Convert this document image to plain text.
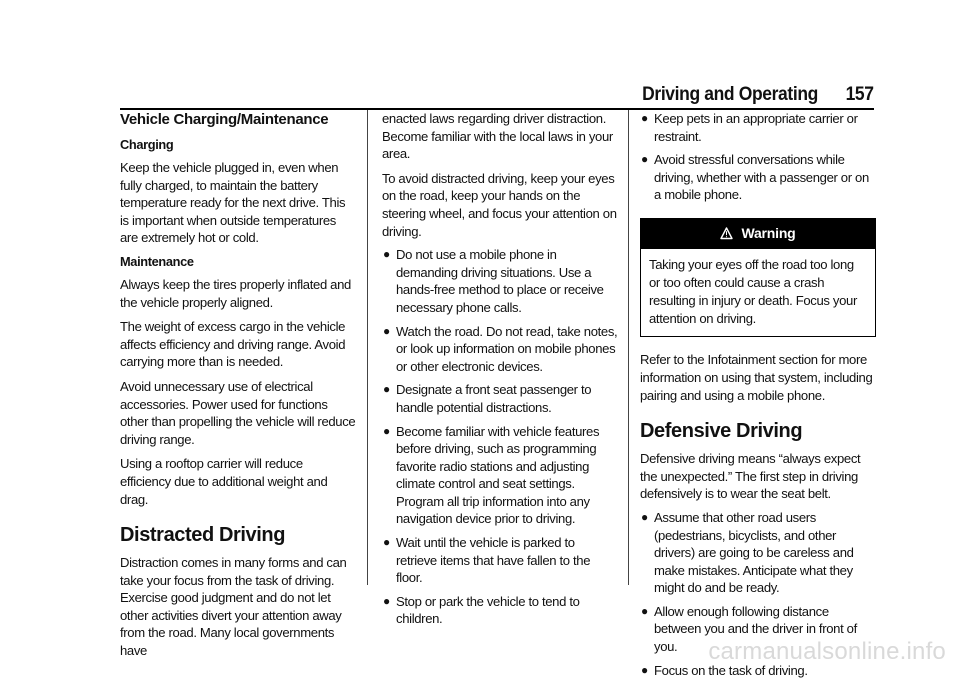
Driving and Operating 157
Vehicle Charging/Maintenance
Charging

Keep the vehicle plugged in, even when fully charged, to maintain the battery temperature ready for the next drive. This is important when outside temperatures are extremely hot or cold.

Maintenance

Always keep the tires properly inflated and the vehicle properly aligned.

The weight of excess cargo in the vehicle affects efficiency and driving range. Avoid carrying more than is needed.

Avoid unnecessary use of electrical accessories. Power used for functions other than propelling the vehicle will reduce driving range.

Using a rooftop carrier will reduce efficiency due to additional weight and drag.

Distracted Driving

Distraction comes in many forms and can take your focus from the task of driving. Exercise good judgment and do not let other activities divert your attention away from the road. Many local governments have

enacted laws regarding driver distraction. Become familiar with the local laws in your area.

To avoid distracted driving, keep your eyes on the road, keep your hands on the steering wheel, and focus your attention on driving.

● Do not use a mobile phone in demanding driving situations. Use a hands-free method to place or receive necessary phone calls.
● Watch the road. Do not read, take notes, or look up information on mobile phones or other electronic devices.
● Designate a front seat passenger to handle potential distractions.
● Become familiar with vehicle features before driving, such as programming favorite radio stations and adjusting climate control and seat settings. Program all trip information into any navigation device prior to driving.
● Wait until the vehicle is parked to retrieve items that have fallen to the floor.
● Stop or park the vehicle to tend to children.
● Keep pets in an appropriate carrier or restraint.
● Avoid stressful conversations while driving, whether with a passenger or on a mobile phone.
Warning
Taking your eyes off the road too long or too often could cause a crash resulting in injury or death. Focus your attention on driving.

Refer to the Infotainment section for more information on using that system, including pairing and using a mobile phone.

Defensive Driving

Defensive driving means “always expect the unexpected.” The first step in driving defensively is to wear the seat belt.

● Assume that other road users (pedestrians, bicyclists, and other drivers) are going to be careless and make mistakes. Anticipate what they might do and be ready.
● Allow enough following distance between you and the driver in front of you.
● Focus on the task of driving.
carmanualsonline.info
